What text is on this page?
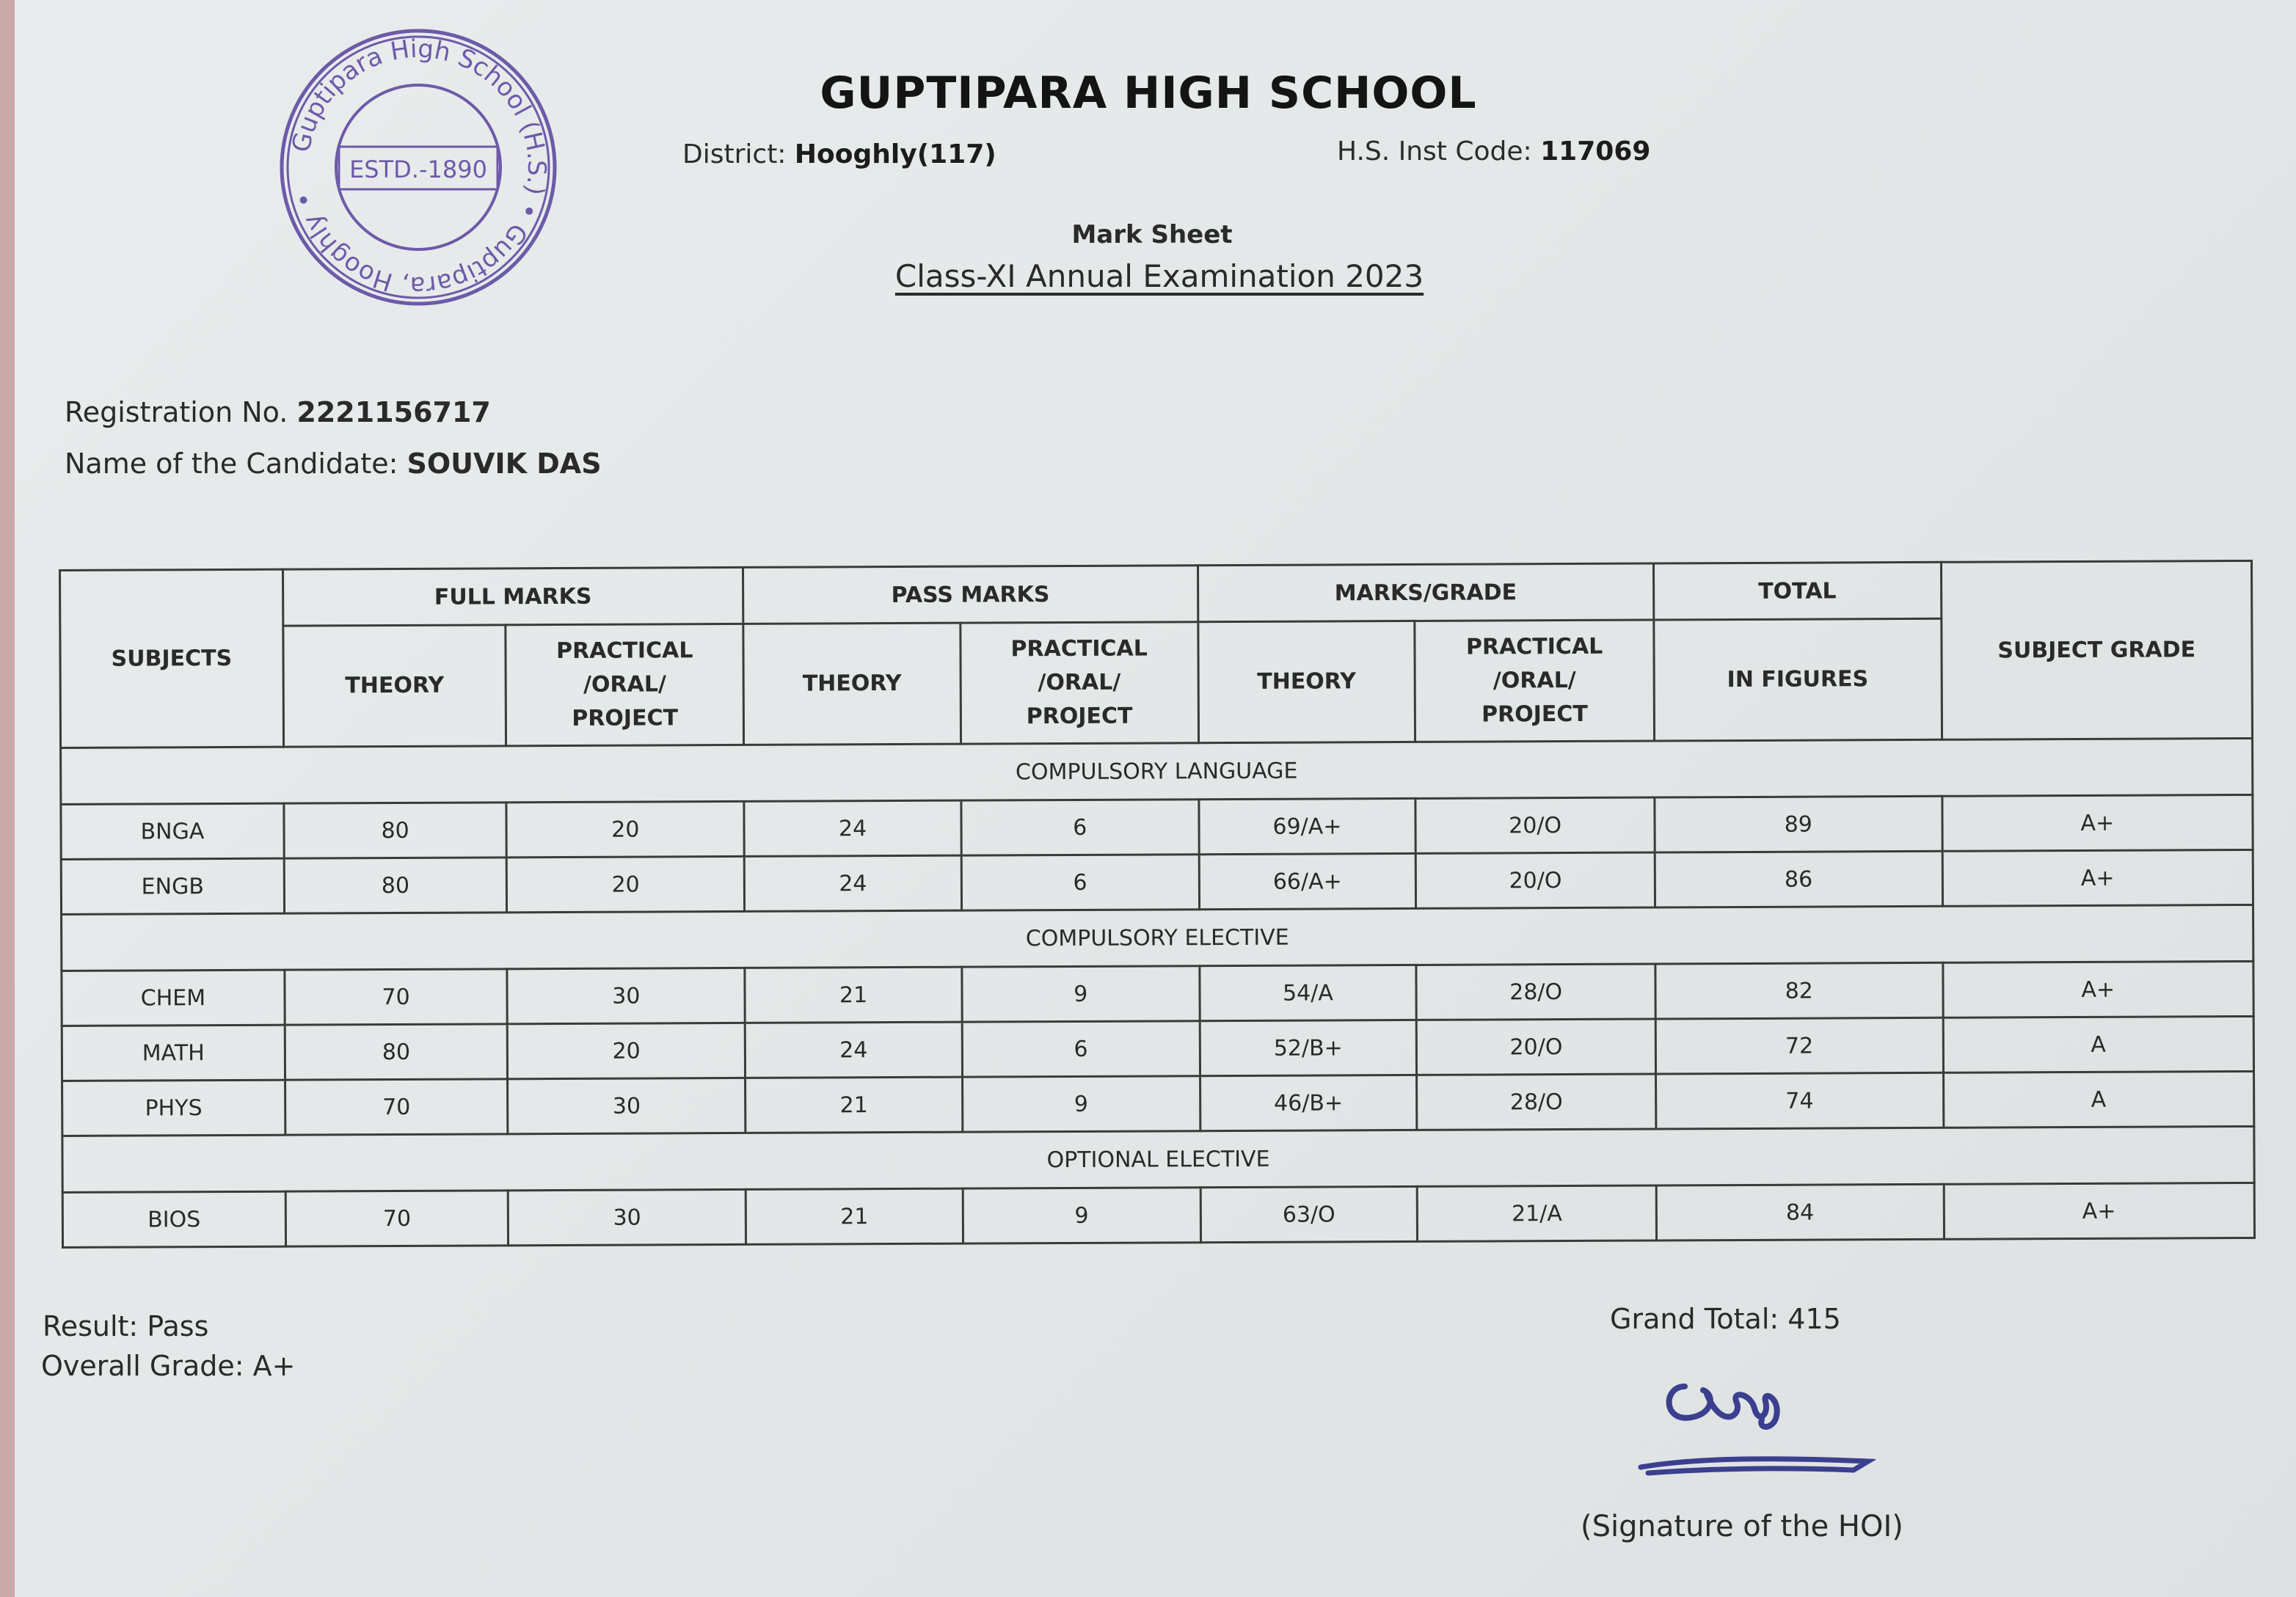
Guptipara High School (H.S.) • Guptipara, Hooghly •
ESTD.-1890
GUPTIPARA HIGH SCHOOL
District: Hooghly(117)	H.S. Inst Code: 117069
Mark Sheet
Class-XI Annual Examination 2023
Registration No. 2221156717
Name of the Candidate: SOUVIK DAS
SUBJECTS	FULL MARKS		PASS MARKS		MARKS/GRADE		TOTAL	SUBJECT GRADE
	THEORY	PRACTICAL
/ORAL/
PROJECT	THEORY	PRACTICAL
/ORAL/
PROJECT	THEORY	PRACTICAL
/ORAL/
PROJECT	IN FIGURES	
COMPULSORY LANGUAGE								
BNGA	80	20	24	6	69/A+	20/O	89	A+
ENGB	80	20	24	6	66/A+	20/O	86	A+
COMPULSORY ELECTIVE								
CHEM	70	30	21	9	54/A	28/O	82	A+
MATH	80	20	24	6	52/B+	20/O	72	A
PHYS	70	30	21	9	46/B+	28/O	74	A
OPTIONAL ELECTIVE								
BIOS	70	30	21	9	63/O	21/A	84	A+
Result: Pass
Overall Grade: A+
Grand Total: 415
(Signature of the HOI)
